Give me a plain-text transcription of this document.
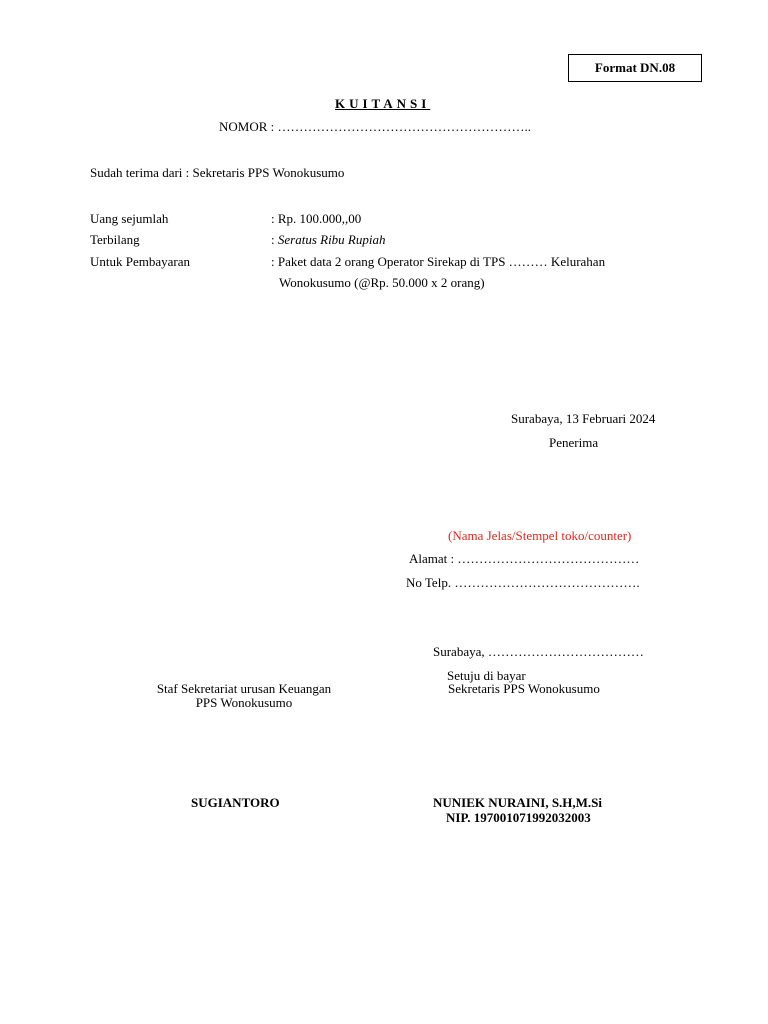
Format DN.08
KUITANSI
NOMOR : …………………………………………………..
Sudah terima dari : Sekretaris PPS Wonokusumo
Uang sejumlah	: Rp. 100.000,,00
Terbilang	: Seratus Ribu Rupiah
Untuk Pembayaran	: Paket data 2 orang Operator Sirekap di TPS ……… Kelurahan
Wonokusumo (@Rp. 50.000 x 2 orang)
Surabaya, 13 Februari 2024
Penerima
(Nama Jelas/Stempel toko/counter)
Alamat : ……………………………………
No Telp. …………………………………….
Surabaya, ………………………………
Setuju di bayar
Staf Sekretariat urusan Keuangan
PPS Wonokusumo
Sekretaris PPS Wonokusumo
SUGIANTORO	NUNIEK NURAINI, S.H,M.Si
NIP. 197001071992032003
